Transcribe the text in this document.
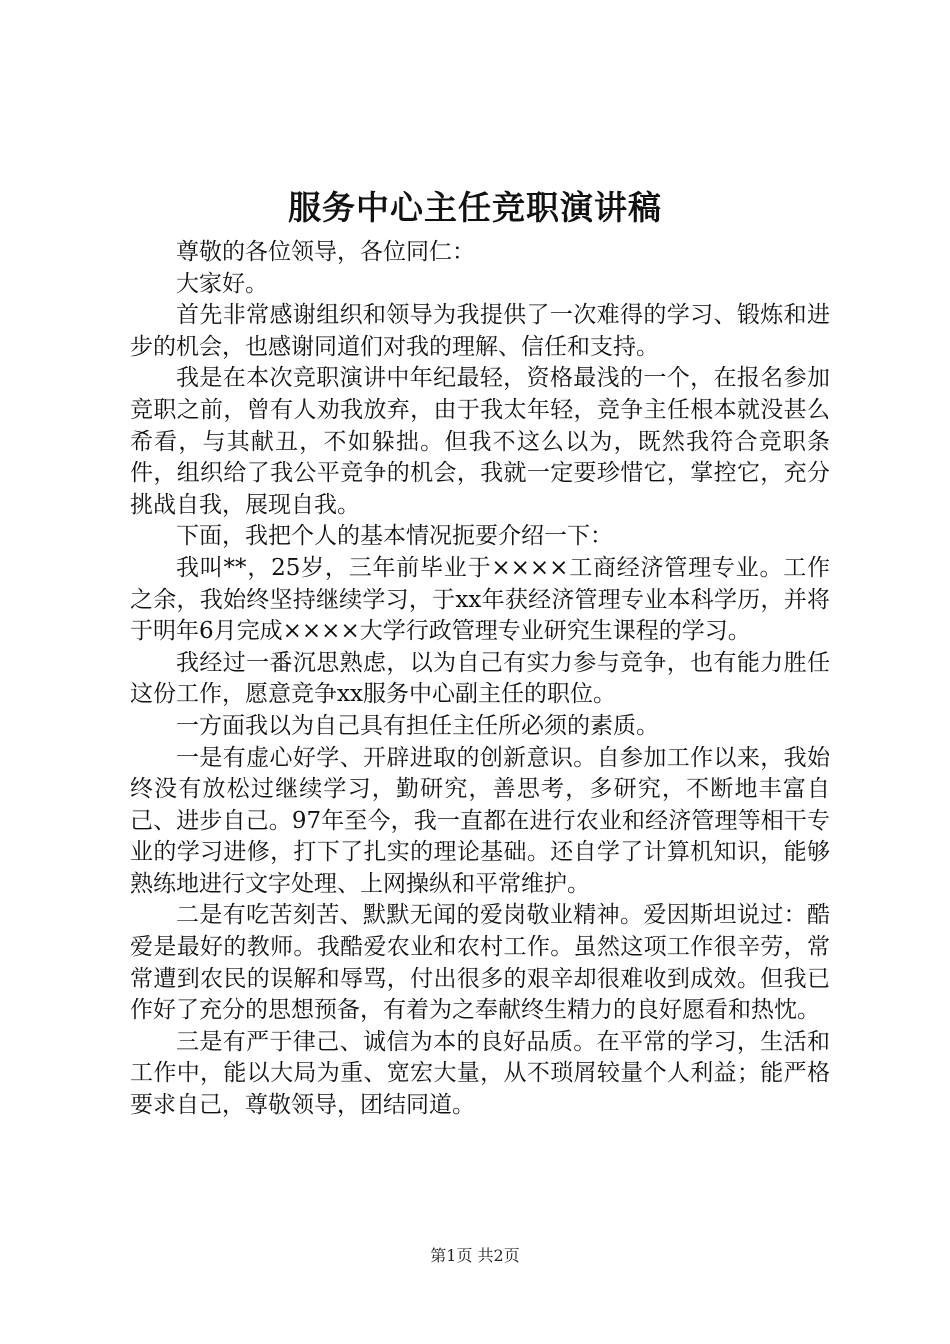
服务中心主任竞职演讲稿

尊敬的各位领导，各位同仁：

大家好。

首先非常感谢组织和领导为我提供了一次难得的学习、锻炼和进步的机会，也感谢同道们对我的理解、信任和支持。

我是在本次竞职演讲中年纪最轻，资格最浅的一个，在报名参加竞职之前，曾有人劝我放弃，由于我太年轻，竞争主任根本就没甚么希看，与其献丑，不如躲拙。但我不这么以为，既然我符合竞职条件，组织给了我公平竞争的机会，我就一定要珍惜它，掌控它，充分挑战自我，展现自我。

下面，我把个人的基本情况扼要介绍一下：

我叫**，25岁，三年前毕业于××××工商经济管理专业。工作之余，我始终坚持继续学习，于xx年获经济管理专业本科学历，并将于明年6月完成××××大学行政管理专业研究生课程的学习。

我经过一番沉思熟虑，以为自己有实力参与竞争，也有能力胜任这份工作，愿意竞争xx服务中心副主任的职位。

一方面我以为自己具有担任主任所必须的素质。

一是有虚心好学、开辟进取的创新意识。自参加工作以来，我始终没有放松过继续学习，勤研究，善思考，多研究，不断地丰富自己、进步自己。97年至今，我一直都在进行农业和经济管理等相干专业的学习进修，打下了扎实的理论基础。还自学了计算机知识，能够熟练地进行文字处理、上网操纵和平常维护。

二是有吃苦刻苦、默默无闻的爱岗敬业精神。爱因斯坦说过：酷爱是最好的教师。我酷爱农业和农村工作。虽然这项工作很辛劳，常常遭到农民的误解和辱骂，付出很多的艰辛却很难收到成效。但我已作好了充分的思想预备，有着为之奉献终生精力的良好愿看和热忱。

三是有严于律己、诚信为本的良好品质。在平常的学习，生活和工作中，能以大局为重、宽宏大量，从不琐屑较量个人利益；能严格要求自己，尊敬领导，团结同道。

第1页 共2页
